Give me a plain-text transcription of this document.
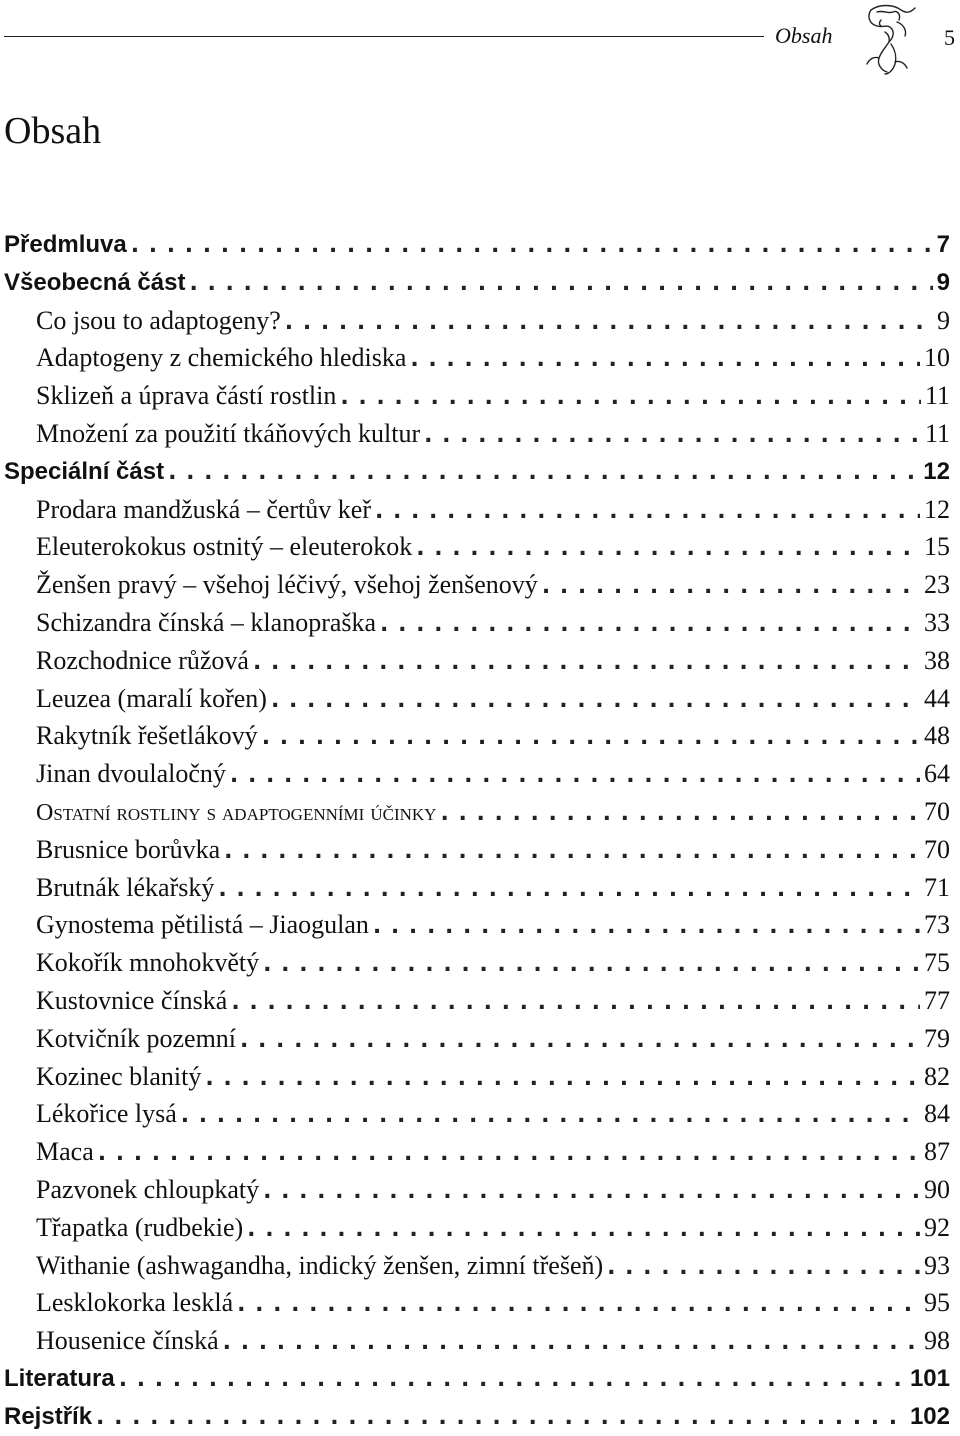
Obsah	5
Obsah
Předmluva . . .	7
Všeobecná část . . .	9
Co jsou to adaptogeny? . . .	9
Adaptogeny z chemického hlediska . . .	10
Sklizeň a úprava částí rostlin . . .	11
Množení za použití tkáňových kultur . . .	11
Speciální část . . .	12
Prodara mandžuská – čertův keř . . .	12
Eleuterokokus ostnitý – eleuterokok . . .	15
Ženšen pravý – všehoj léčivý, všehoj ženšenový . . .	23
Schizandra čínská – klanopraška . . .	33
Rozchodnice růžová . . .	38
Leuzea (maralí kořen) . . .	44
Rakytník řešetlákový . . .	48
Jinan dvoulaločný . . .	64
Ostatní rostliny s adaptogenními účinky . . .	70
Brusnice borůvka . . .	70
Brutnák lékařský . . .	71
Gynostema pětilistá – Jiaogulan . . .	73
Kokořík mnohokvětý . . .	75
Kustovnice čínská . . .	77
Kotvičník pozemní . . .	79
Kozinec blanitý . . .	82
Lékořice lysá . . .	84
Maca . . .	87
Pazvonek chloupkatý . . .	90
Třapatka (rudbekie) . . .	92
Withanie (ashwagandha, indický ženšen, zimní třešeň) . . .	93
Lesklokorka lesklá . . .	95
Housenice čínská . . .	98
Literatura . . .	101
Rejstřík . . .	102
